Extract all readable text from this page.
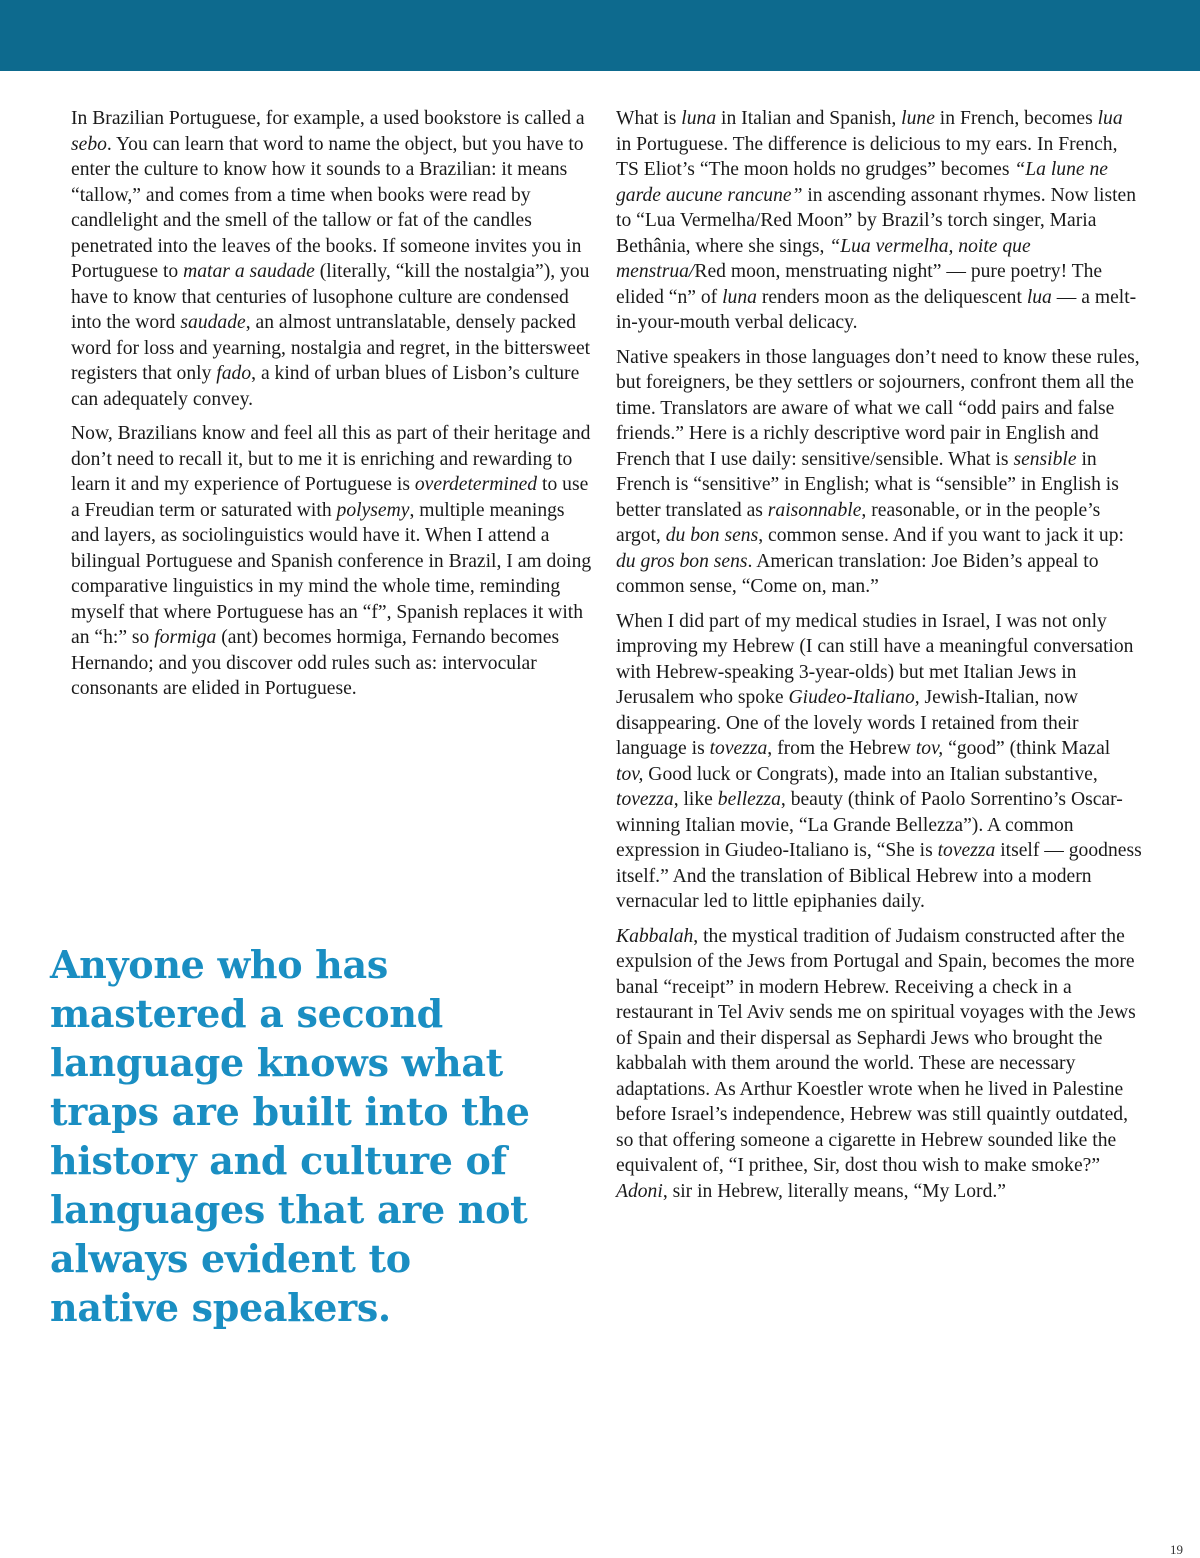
In Brazilian Portuguese, for example, a used bookstore is called a sebo. You can learn that word to name the object, but you have to enter the culture to know how it sounds to a Brazilian: it means “tallow,” and comes from a time when books were read by candlelight and the smell of the tallow or fat of the candles penetrated into the leaves of the books. If someone invites you in Portuguese to matar a saudade (literally, “kill the nostalgia”), you have to know that centuries of lusophone culture are condensed into the word saudade, an almost untranslatable, densely packed word for loss and yearning, nostalgia and regret, in the bittersweet registers that only fado, a kind of urban blues of Lisbon’s culture can adequately convey.

Now, Brazilians know and feel all this as part of their heritage and don’t need to recall it, but to me it is enriching and rewarding to learn it and my experience of Portuguese is overdetermined to use a Freudian term or saturated with polysemy, multiple meanings and layers, as sociolinguistics would have it. When I attend a bilingual Portuguese and Spanish conference in Brazil, I am doing comparative linguistics in my mind the whole time, reminding myself that where Portuguese has an “f”, Spanish replaces it with an “h:” so formiga (ant) becomes hormiga, Fernando becomes Hernando; and you discover odd rules such as: intervocular consonants are elided in Portuguese.

Anyone who has mastered a second language knows what traps are built into the history and culture of languages that are not always evident to native speakers.

What is luna in Italian and Spanish, lune in French, becomes lua in Portuguese. The difference is delicious to my ears. In French, TS Eliot’s “The moon holds no grudges” becomes “La lune ne garde aucune rancune” in ascending assonant rhymes. Now listen to “Lua Vermelha/Red Moon” by Brazil’s torch singer, Maria Bethânia, where she sings, “Lua vermelha, noite que menstrua/Red moon, menstruating night” — pure poetry! The elided “n” of luna renders moon as the deliquescent lua — a melt-in-your-mouth verbal delicacy.

Native speakers in those languages don’t need to know these rules, but foreigners, be they settlers or sojourners, confront them all the time. Translators are aware of what we call “odd pairs and false friends.” Here is a richly descriptive word pair in English and French that I use daily: sensitive/sensible. What is sensible in French is “sensitive” in English; what is “sensible” in English is better translated as raisonnable, reasonable, or in the people’s argot, du bon sens, common sense. And if you want to jack it up: du gros bon sens. American translation: Joe Biden’s appeal to common sense, “Come on, man.”

When I did part of my medical studies in Israel, I was not only improving my Hebrew (I can still have a meaningful conversation with Hebrew-speaking 3-year-olds) but met Italian Jews in Jerusalem who spoke Giudeo-Italiano, Jewish-Italian, now disappearing. One of the lovely words I retained from their language is tovezza, from the Hebrew tov, “good” (think Mazal tov, Good luck or Congrats), made into an Italian substantive, tovezza, like bellezza, beauty (think of Paolo Sorrentino’s Oscar-winning Italian movie, “La Grande Bellezza”). A common expression in Giudeo-Italiano is, “She is tovezza itself — goodness itself.” And the translation of Biblical Hebrew into a modern vernacular led to little epiphanies daily.

Kabbalah, the mystical tradition of Judaism constructed after the expulsion of the Jews from Portugal and Spain, becomes the more banal “receipt” in modern Hebrew. Receiving a check in a restaurant in Tel Aviv sends me on spiritual voyages with the Jews of Spain and their dispersal as Sephardi Jews who brought the kabbalah with them around the world. These are necessary adaptations. As Arthur Koestler wrote when he lived in Palestine before Israel’s independence, Hebrew was still quaintly outdated, so that offering someone a cigarette in Hebrew sounded like the equivalent of, “I prithee, Sir, dost thou wish to make smoke?” Adoni, sir in Hebrew, literally means, “My Lord.”

19
